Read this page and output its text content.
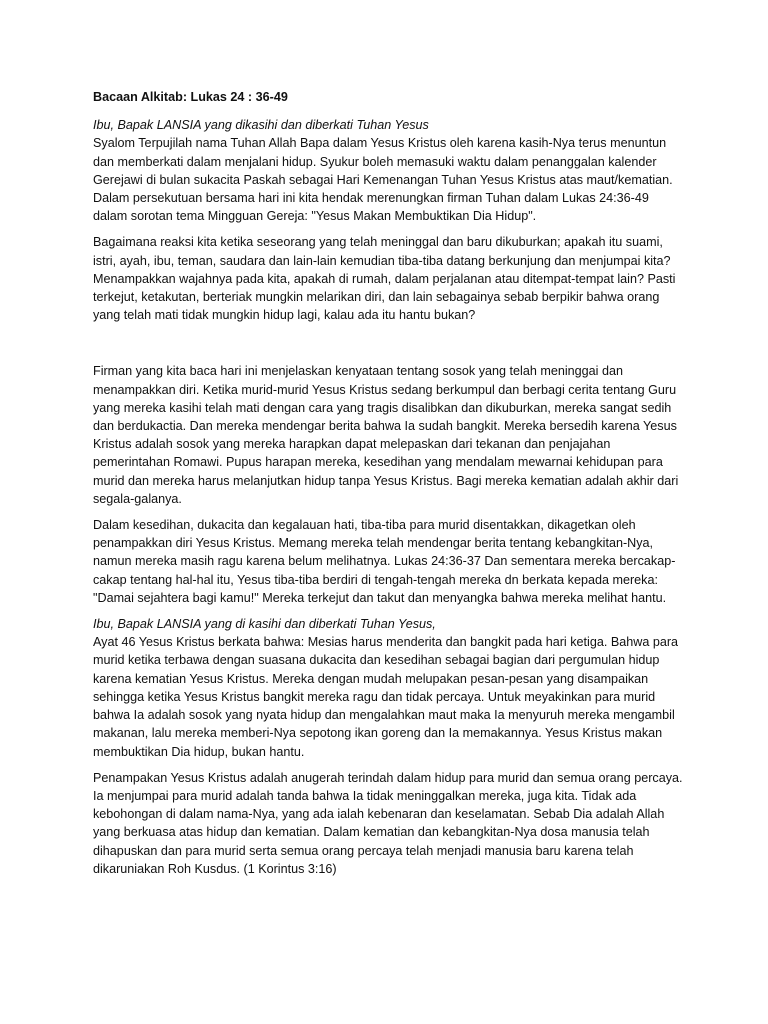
Bacaan Alkitab: Lukas 24 : 36-49
Ibu, Bapak LANSIA yang dikasihi dan diberkati Tuhan Yesus

Syalom Terpujilah nama Tuhan Allah Bapa dalam Yesus Kristus oleh karena kasih-Nya terus menuntun dan memberkati dalam menjalani hidup. Syukur boleh memasuki waktu dalam penanggalan kalender Gerejawi di bulan sukacita Paskah sebagai Hari Kemenangan Tuhan Yesus Kristus atas maut/kematian. Dalam persekutuan bersama hari ini kita hendak merenungkan firman Tuhan dalam Lukas 24:36-49 dalam sorotan tema Mingguan Gereja: "Yesus Makan Membuktikan Dia Hidup".

Bagaimana reaksi kita ketika seseorang yang telah meninggal dan baru dikuburkan; apakah itu suami, istri, ayah, ibu, teman, saudara dan lain-lain kemudian tiba-tiba datang berkunjung dan menjumpai kita? Menampakkan wajahnya pada kita, apakah di rumah, dalam perjalanan atau ditempat-tempat lain? Pasti terkejut, ketakutan, berteriak mungkin melarikan diri, dan lain sebagainya sebab berpikir bahwa orang yang telah mati tidak mungkin hidup lagi, kalau ada itu hantu bukan?

Firman yang kita baca hari ini menjelaskan kenyataan tentang sosok yang telah meninggai dan menampakkan diri. Ketika murid-murid Yesus Kristus sedang berkumpul dan berbagi cerita tentang Guru yang mereka kasihi telah mati dengan cara yang tragis disalibkan dan dikuburkan, mereka sangat sedih dan berdukactia. Dan mereka mendengar berita bahwa Ia sudah bangkit. Mereka bersedih karena Yesus Kristus adalah sosok yang mereka harapkan dapat melepaskan dari tekanan dan penjajahan pemerintahan Romawi. Pupus harapan mereka, kesedihan yang mendalam mewarnai kehidupan para murid dan mereka harus melanjutkan hidup tanpa Yesus Kristus. Bagi mereka kematian adalah akhir dari segala-galanya.

Dalam kesedihan, dukacita dan kegalauan hati, tiba-tiba para murid disentakkan, dikagetkan oleh penampakkan diri Yesus Kristus. Memang mereka telah mendengar berita tentang kebangkitan-Nya, namun mereka masih ragu karena belum melihatnya. Lukas 24:36-37 Dan sementara mereka bercakap-cakap tentang hal-hal itu, Yesus tiba-tiba berdiri di tengah-tengah mereka dn berkata kepada mereka: "Damai sejahtera bagi kamu!" Mereka terkejut dan takut dan menyangka bahwa mereka melihat hantu.

Ibu, Bapak LANSIA yang di kasihi dan diberkati Tuhan Yesus,

Ayat 46 Yesus Kristus berkata bahwa: Mesias harus menderita dan bangkit pada hari ketiga. Bahwa para murid ketika terbawa dengan suasana dukacita dan kesedihan sebagai bagian dari pergumulan hidup karena kematian Yesus Kristus. Mereka dengan mudah melupakan pesan-pesan yang disampaikan sehingga ketika Yesus Kristus bangkit mereka ragu dan tidak percaya. Untuk meyakinkan para murid bahwa Ia adalah sosok yang nyata hidup dan mengalahkan maut maka Ia menyuruh mereka mengambil makanan, lalu mereka memberi-Nya sepotong ikan goreng dan Ia memakannya. Yesus Kristus makan membuktikan Dia hidup, bukan hantu.

Penampakan Yesus Kristus adalah anugerah terindah dalam hidup para murid dan semua orang percaya. Ia menjumpai para murid adalah tanda bahwa Ia tidak meninggalkan mereka, juga kita. Tidak ada kebohongan di dalam nama-Nya, yang ada ialah kebenaran dan keselamatan. Sebab Dia adalah Allah yang berkuasa atas hidup dan kematian. Dalam kematian dan kebangkitan-Nya dosa manusia telah dihapuskan dan para murid serta semua orang percaya telah menjadi manusia baru karena telah dikaruniakan Roh Kusdus. (1 Korintus 3:16)
